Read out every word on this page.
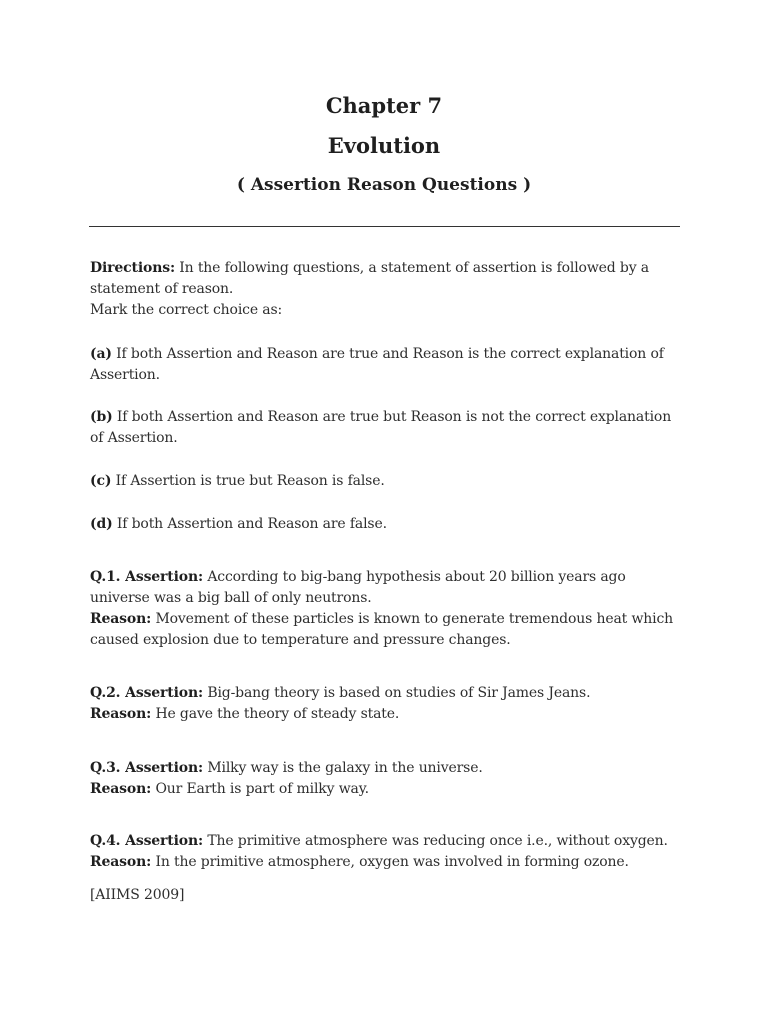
Chapter 7
Evolution
( Assertion Reason Questions )
Directions: In the following questions, a statement of assertion is followed by a
statement of reason.
Mark the correct choice as:
(a) If both Assertion and Reason are true and Reason is the correct explanation of
Assertion.
(b) If both Assertion and Reason are true but Reason is not the correct explanation
of Assertion.
(c) If Assertion is true but Reason is false.
(d) If both Assertion and Reason are false.
Q.1. Assertion: According to big-bang hypothesis about 20 billion years ago
universe was a big ball of only neutrons.
Reason: Movement of these particles is known to generate tremendous heat which
caused explosion due to temperature and pressure changes.
Q.2. Assertion: Big-bang theory is based on studies of Sir James Jeans.
Reason: He gave the theory of steady state.
Q.3. Assertion: Milky way is the galaxy in the universe.
Reason: Our Earth is part of milky way.
Q.4. Assertion: The primitive atmosphere was reducing once i.e., without oxygen.
Reason: In the primitive atmosphere, oxygen was involved in forming ozone.
[AIIMS 2009]
